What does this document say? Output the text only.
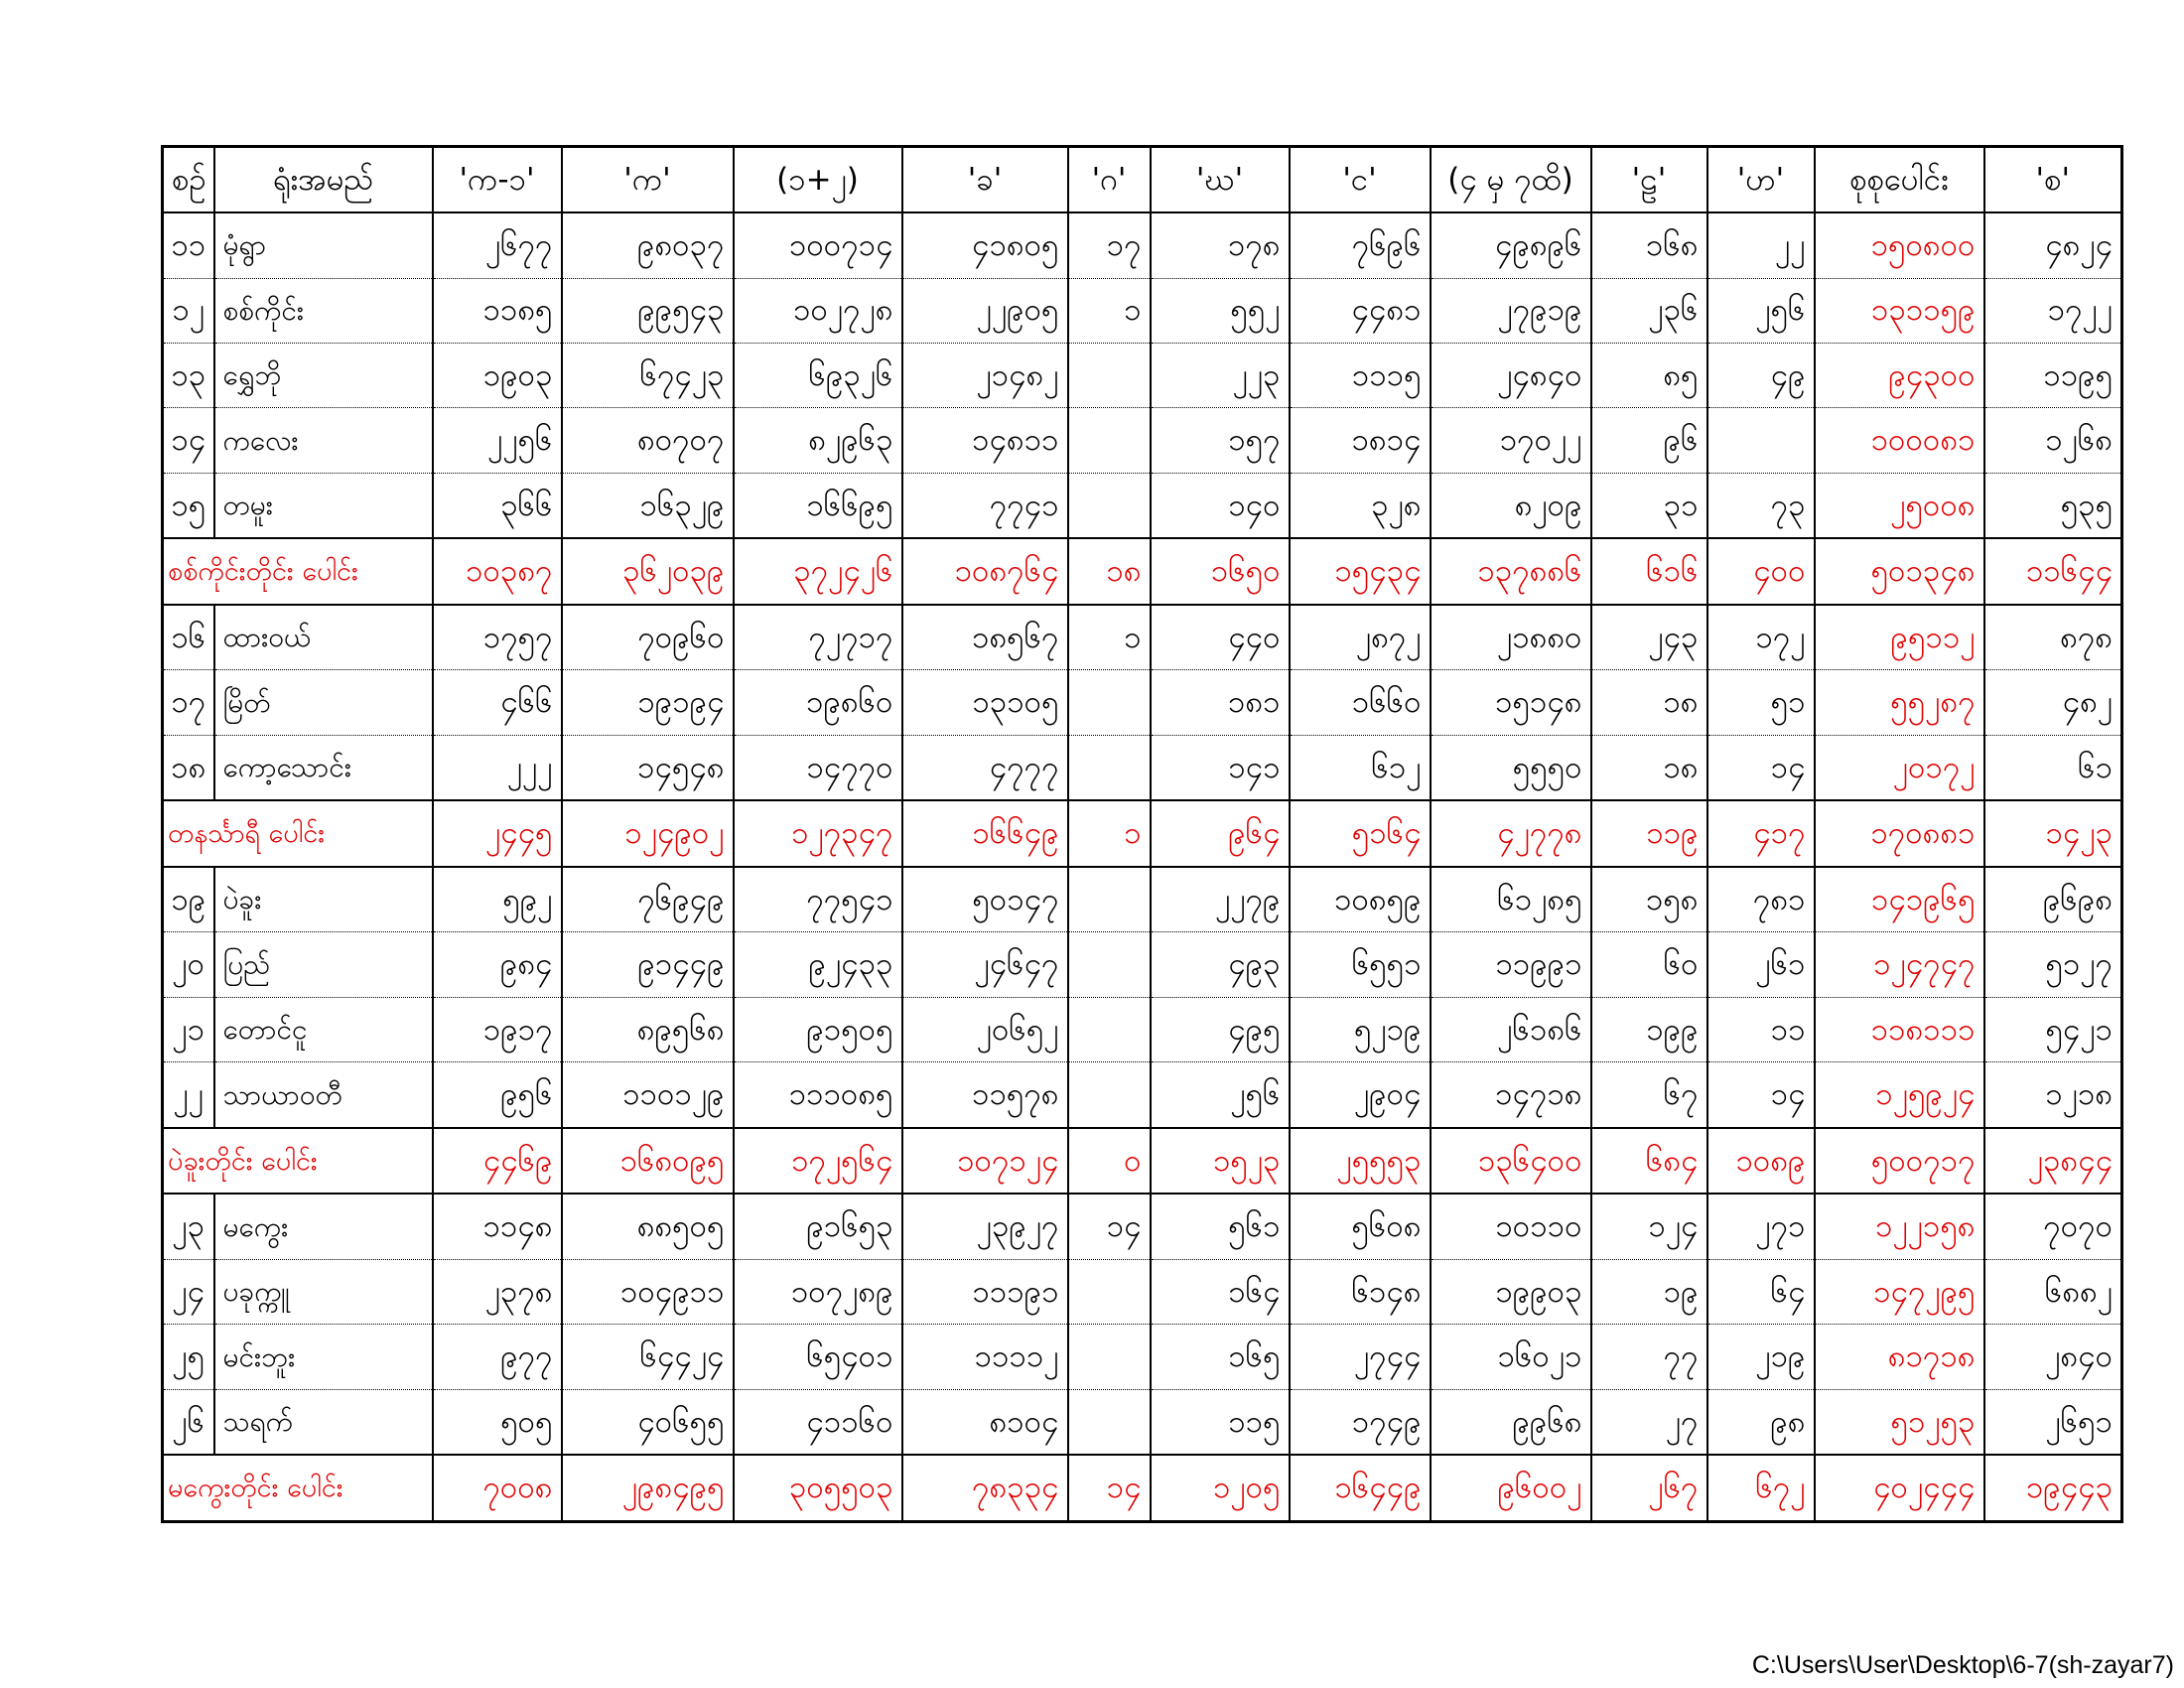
စဉ်	ရုံးအမည်	'က-၁'	'က'	(၁+၂)	'ခ'	'ဂ'	'ဃ'	'င'	(၄ မှ ၇ထိ)	'ဠ'	'ဟ'	စုစုပေါင်း	'စ'
၁၁	မုံရွာ	၂၆၇၇	၉၈၀၃၇	၁၀၀၇၁၄	၄၁၈၀၅	၁၇	၁၇၈	၇၆၉၆	၄၉၈၉၆	၁၆၈	၂၂	၁၅၀၈၀၀	၄၈၂၄
၁၂	စစ်ကိုင်း	၁၁၈၅	၉၉၅၄၃	၁၀၂၇၂၈	၂၂၉၀၅	၁	၅၅၂	၄၄၈၁	၂၇၉၁၉	၂၃၆	၂၅၆	၁၃၁၁၅၉	၁၇၂၂
၁၃	ရွှေဘို	၁၉၀၃	၆၇၄၂၃	၆၉၃၂၆	၂၁၄၈၂		၂၂၃	၁၁၁၅	၂၄၈၄၀	၈၅	၄၉	၉၄၃၀၀	၁၁၉၅
၁၄	ကလေး	၂၂၅၆	၈၀၇၀၇	၈၂၉၆၃	၁၄၈၁၁		၁၅၇	၁၈၁၄	၁၇၀၂၂	၉၆		၁၀၀၀၈၁	၁၂၆၈
၁၅	တမူး	၃၆၆	၁၆၃၂၉	၁၆၆၉၅	၇၇၄၁		၁၄၀	၃၂၈	၈၂၀၉	၃၁	၇၃	၂၅၀၀၈	၅၃၅
စစ်ကိုင်းတိုင်း ပေါင်း		၁၀၃၈၇	၃၆၂၀၃၉	၃၇၂၄၂၆	၁၀၈၇၆၄	၁၈	၁၆၅၀	၁၅၄၃၄	၁၃၇၈၈၆	၆၁၆	၄၀၀	၅၀၁၃၄၈	၁၁၆၄၄
၁၆	ထားဝယ်	၁၇၅၇	၇၀၉၆၀	၇၂၇၁၇	၁၈၅၆၇	၁	၄၄၀	၂၈၇၂	၂၁၈၈၀	၂၄၃	၁၇၂	၉၅၁၁၂	၈၇၈
၁၇	မြိတ်	၄၆၆	၁၉၁၉၄	၁၉၈၆၀	၁၃၁၀၅		၁၈၁	၁၆၆၀	၁၅၁၄၈	၁၈	၅၁	၅၅၂၈၇	၄၈၂
၁၈	ကော့သောင်း	၂၂၂	၁၄၅၄၈	၁၄၇၇၀	၄၇၇၇		၁၄၁	၆၁၂	၅၅၅၀	၁၈	၁၄	၂၀၁၇၂	၆၁
တနင်္သာရီ ပေါင်း		၂၄၄၅	၁၂၄၉၀၂	၁၂၇၃၄၇	၁၆၆၄၉	၁	၉၆၄	၅၁၆၄	၄၂၇၇၈	၁၁၉	၄၁၇	၁၇၀၈၈၁	၁၄၂၃
၁၉	ပဲခူး	၅၉၂	၇၆၉၄၉	၇၇၅၄၁	၅၀၁၄၇		၂၂၇၉	၁၀၈၅၉	၆၁၂၈၅	၁၅၈	၇၈၁	၁၄၁၉၆၅	၉၆၉၈
၂၀	ပြည်	၉၈၄	၉၁၄၄၉	၉၂၄၃၃	၂၄၆၄၇		၄၉၃	၆၅၅၁	၁၁၉၉၁	၆၀	၂၆၁	၁၂၄၇၄၇	၅၁၂၇
၂၁	တောင်ငူ	၁၉၁၇	၈၉၅၆၈	၉၁၅၀၅	၂၀၆၅၂		၄၉၅	၅၂၁၉	၂၆၁၈၆	၁၉၉	၁၁	၁၁၈၁၁၁	၅၄၂၁
၂၂	သာယာဝတီ	၉၅၆	၁၁၀၁၂၉	၁၁၁၀၈၅	၁၁၅၇၈		၂၅၆	၂၉၀၄	၁၄၇၁၈	၆၇	၁၄	၁၂၅၉၂၄	၁၂၁၈
ပဲခူးတိုင်း ပေါင်း		၄၄၆၉	၁၆၈၀၉၅	၁၇၂၅၆၄	၁၀၇၁၂၄	၀	၁၅၂၃	၂၅၅၅၃	၁၃၆၄၀၀	၆၈၄	၁၀၈၉	၅၀၀၇၁၇	၂၃၈၄၄
၂၃	မကွေး	၁၁၄၈	၈၈၅၀၅	၉၁၆၅၃	၂၃၉၂၇	၁၄	၅၆၁	၅၆၀၈	၁၀၁၁၀	၁၂၄	၂၇၁	၁၂၂၁၅၈	၇၀၇၀
၂၄	ပခုက္ကူ	၂၃၇၈	၁၀၄၉၁၁	၁၀၇၂၈၉	၁၁၁၉၁		၁၆၄	၆၁၄၈	၁၉၉၀၃	၁၉	၆၄	၁၄၇၂၉၅	၆၈၈၂
၂၅	မင်းဘူး	၉၇၇	၆၄၄၂၄	၆၅၄၀၁	၁၁၁၁၂		၁၆၅	၂၇၄၄	၁၆၀၂၁	၇၇	၂၁၉	၈၁၇၁၈	၂၈၄၀
၂၆	သရက်	၅၀၅	၄၀၆၅၅	၄၁၁၆၀	၈၁၀၄		၁၁၅	၁၇၄၉	၉၉၆၈	၂၇	၉၈	၅၁၂၅၃	၂၆၅၁
မကွေးတိုင်း ပေါင်း		၇၀၀၈	၂၉၈၄၉၅	၃၀၅၅၀၃	၇၈၃၃၄	၁၄	၁၂၀၅	၁၆၄၄၉	၉၆၀၀၂	၂၆၇	၆၇၂	၄၀၂၄၄၄	၁၉၄၄၃
C:\Users\User\Desktop\6-7(sh-zayar7)
